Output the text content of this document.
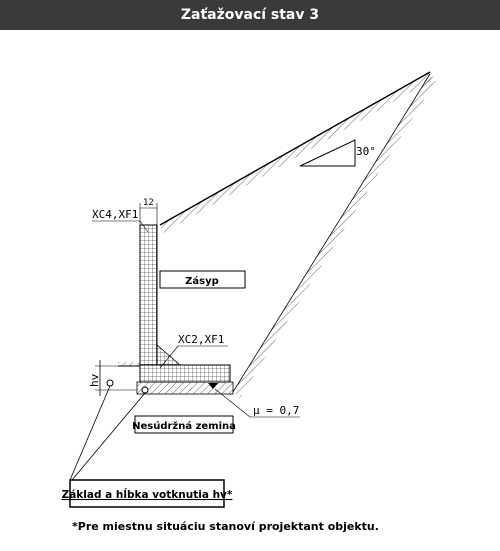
Zaťažovací stav 3
30°
hv
XC4,XF1
12
Zásyp
XC2,XF1
μ = 0,7
Nesúdržná zemina
Základ a hĺbka votknutia hv*
*Pre miestnu situáciu stanoví projektant objektu.
